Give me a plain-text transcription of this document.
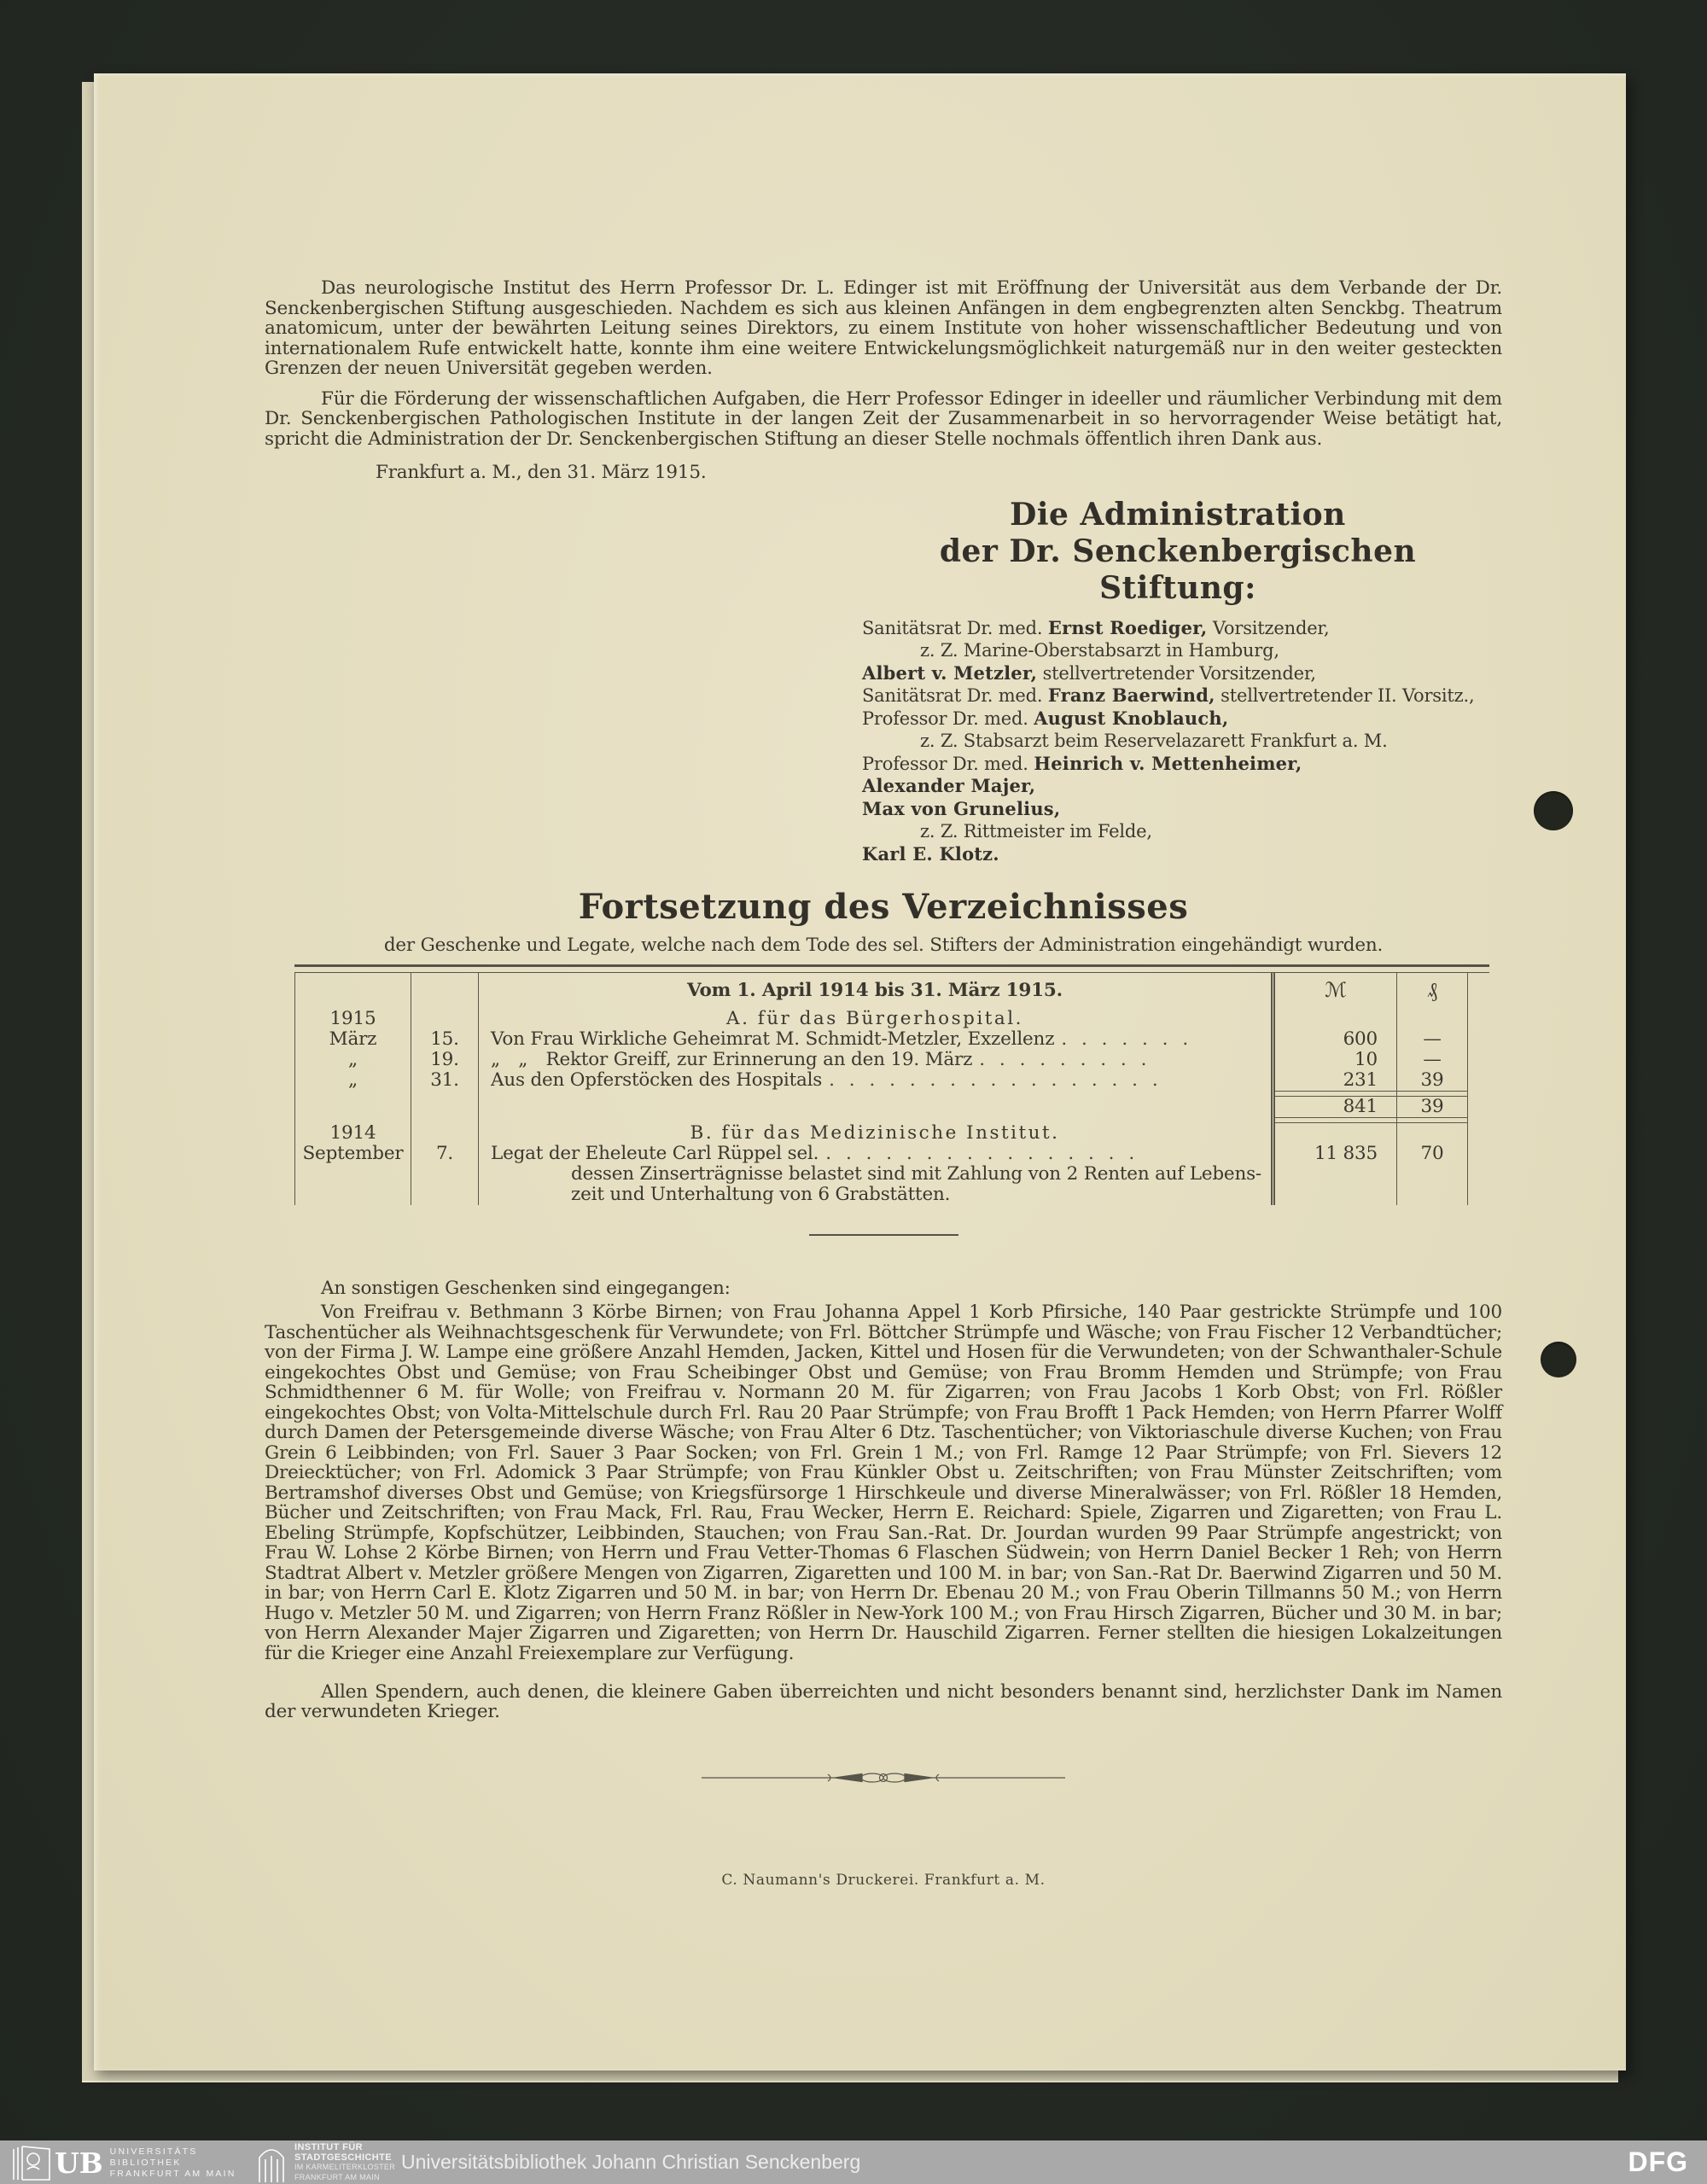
Das neurologische Institut des Herrn Professor Dr. L. Edinger ist mit Eröffnung der Universität aus dem Verbande der Dr. Senckenbergischen Stiftung ausgeschieden. Nachdem es sich aus kleinen Anfängen in dem engbegrenzten alten Senckbg. Theatrum anatomicum, unter der bewährten Leitung seines Direktors, zu einem Institute von hoher wissenschaftlicher Bedeutung und von internationalem Rufe entwickelt hatte, konnte ihm eine weitere Entwickelungsmöglichkeit naturgemäß nur in den weiter gesteckten Grenzen der neuen Universität gegeben werden.

Für die Förderung der wissenschaftlichen Aufgaben, die Herr Professor Edinger in ideeller und räumlicher Verbindung mit dem Dr. Senckenbergischen Pathologischen Institute in der langen Zeit der Zusammenarbeit in so hervorragender Weise betätigt hat, spricht die Administration der Dr. Senckenbergischen Stiftung an dieser Stelle nochmals öffentlich ihren Dank aus.

Frankfurt a. M., den 31. März 1915.
Die Administration
der Dr. Senckenbergischen Stiftung:
Sanitätsrat Dr. med. Ernst Roediger, Vorsitzender,
z. Z. Marine-Oberstabsarzt in Hamburg,
Albert v. Metzler, stellvertretender Vorsitzender,
Sanitätsrat Dr. med. Franz Baerwind, stellvertretender II. Vorsitz.,
Professor Dr. med. August Knoblauch,
z. Z. Stabsarzt beim Reservelazarett Frankfurt a. M.
Professor Dr. med. Heinrich v. Mettenheimer,
Alexander Majer,
Max von Grunelius,
z. Z. Rittmeister im Felde,
Karl E. Klotz.
Fortsetzung des Verzeichnisses
der Geschenke und Legate, welche nach dem Tode des sel. Stifters der Administration eingehändigt wurden.
		Vom 1. April 1914 bis 31. März 1915.	ℳ	₰
1915		A. für das Bürgerhospital.		
März	15.	Von Frau Wirkliche Geheimrat M. Schmidt-Metzler, Exzellenz . . . . . . .	600	—
„	19.	„ „ Rektor Greiff, zur Erinnerung an den 19. März . . . . . . . . .	10	—
„	31.	Aus den Opferstöcken des Hospitals . . . . . . . . . . . . . . . . .	231	39

			841	39

1914		B. für das Medizinische Institut.		
September	7.	Legat der Eheleute Carl Rüppel sel. . . . . . . . . . . . . . . . .	11 835	70
		dessen Zinserträgnisse belastet sind mit Zahlung von 2 Renten auf Lebens-		
		zeit und Unterhaltung von 6 Grabstätten.		

An sonstigen Geschenken sind eingegangen:

Von Freifrau v. Bethmann 3 Körbe Birnen; von Frau Johanna Appel 1 Korb Pfirsiche, 140 Paar gestrickte Strümpfe und 100 Taschentücher als Weihnachtsgeschenk für Verwundete; von Frl. Böttcher Strümpfe und Wäsche; von Frau Fischer 12 Verbandtücher; von der Firma J. W. Lampe eine größere Anzahl Hemden, Jacken, Kittel und Hosen für die Verwundeten; von der Schwanthaler-Schule eingekochtes Obst und Gemüse; von Frau Scheibinger Obst und Gemüse; von Frau Bromm Hemden und Strümpfe; von Frau Schmidthenner 6 M. für Wolle; von Freifrau v. Normann 20 M. für Zigarren; von Frau Jacobs 1 Korb Obst; von Frl. Rößler eingekochtes Obst; von Volta-Mittelschule durch Frl. Rau 20 Paar Strümpfe; von Frau Brofft 1 Pack Hemden; von Herrn Pfarrer Wolff durch Damen der Petersgemeinde diverse Wäsche; von Frau Alter 6 Dtz. Taschentücher; von Viktoriaschule diverse Kuchen; von Frau Grein 6 Leibbinden; von Frl. Sauer 3 Paar Socken; von Frl. Grein 1 M.; von Frl. Ramge 12 Paar Strümpfe; von Frl. Sievers 12 Dreiecktücher; von Frl. Adomick 3 Paar Strümpfe; von Frau Künkler Obst u. Zeitschriften; von Frau Münster Zeitschriften; vom Bertramshof diverses Obst und Gemüse; von Kriegsfürsorge 1 Hirschkeule und diverse Mineralwässer; von Frl. Rößler 18 Hemden, Bücher und Zeitschriften; von Frau Mack, Frl. Rau, Frau Wecker, Herrn E. Reichard: Spiele, Zigarren und Zigaretten; von Frau L. Ebeling Strümpfe, Kopfschützer, Leibbinden, Stauchen; von Frau San.-Rat. Dr. Jourdan wurden 99 Paar Strümpfe angestrickt; von Frau W. Lohse 2 Körbe Birnen; von Herrn und Frau Vetter-Thomas 6 Flaschen Südwein; von Herrn Daniel Becker 1 Reh; von Herrn Stadtrat Albert v. Metzler größere Mengen von Zigarren, Zigaretten und 100 M. in bar; von San.-Rat Dr. Baerwind Zigarren und 50 M. in bar; von Herrn Carl E. Klotz Zigarren und 50 M. in bar; von Herrn Dr. Ebenau 20 M.; von Frau Oberin Tillmanns 50 M.; von Herrn Hugo v. Metzler 50 M. und Zigarren; von Herrn Franz Rößler in New-York 100 M.; von Frau Hirsch Zigarren, Bücher und 30 M. in bar; von Herrn Alexander Majer Zigarren und Zigaretten; von Herrn Dr. Hauschild Zigarren. Ferner stellten die hiesigen Lokalzeitungen für die Krieger eine Anzahl Freiexemplare zur Verfügung.

Allen Spendern, auch denen, die kleinere Gaben überreichten und nicht besonders benannt sind, herzlichster Dank im Namen der verwundeten Krieger.

C. Naumann's Druckerei. Frankfurt a. M.
UB UNIVERSITÄTS
BIBLIOTHEK
FRANKFURT AM MAIN
INSTITUT FÜR
STADTGESCHICHTE
IM KARMELITERKLOSTER
FRANKFURT AM MAIN
Universitätsbibliothek Johann Christian Senckenberg	DFG
